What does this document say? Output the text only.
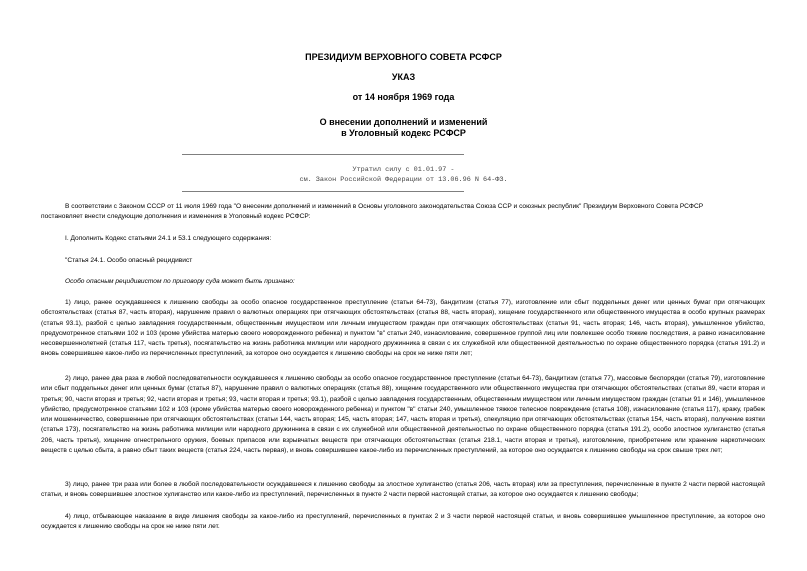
ПРЕЗИДИУМ ВЕРХОВНОГО СОВЕТА РСФСР

УКАЗ

от 14 ноября 1969 года

О внесении дополнений и изменений

в Уголовный кодекс РСФСР

Утратил силу с 01.01.97 -

см. Закон Российской Федерации от 13.06.96 N 64-ФЗ.

В соответствии с Законом СССР от 11 июля 1969 года "О внесении дополнений и изменений в Основы уголовного законодательства Союза ССР и союзных республик" Президиум Верховного Совета РСФСР

постановляет внести следующие дополнения и изменения в Уголовный кодекс РСФСР:

I. Дополнить Кодекс статьями 24.1 и 53.1 следующего содержания:

"Статья 24.1. Особо опасный рецидивист

Особо опасным рецидивистом по приговору суда может быть признано:

1) лицо, ранее осуждавшееся к лишению свободы за особо опасное государственное преступление (статьи 64-73), бандитизм (статья 77), изготовление или сбыт поддельных денег или ценных бумаг при отягчающих обстоятельствах (статья 87, часть вторая), нарушение правил о валютных операциях при отягчающих обстоятельствах (статья 88, часть вторая), хищение государственного или общественного имущества в особо крупных размерах (статья 93.1), разбой с целью завладения государственным, общественным имуществом или личным имуществом граждан при отягчающих обстоятельствах (статьи 91, часть вторая; 146, часть вторая), умышленное убийство, предусмотренное статьями 102 и 103 (кроме убийства матерью своего новорожденного ребенка) и пунктом "в" статьи 240, изнасилование, совершенное группой лиц или повлекшее особо тяжкие последствия, а равно изнасилование несовершеннолетней (статья 117, часть третья), посягательство на жизнь работника милиции или народного дружинника в связи с их служебной или общественной деятельностью по охране общественного порядка (статья 191.2) и вновь совершившее какое-либо из перечисленных преступлений, за которое оно осуждается к лишению свободы на срок не ниже пяти лет;

2) лицо, ранее два раза в любой последовательности осуждавшееся к лишению свободы за особо опасное государственное преступление (статьи 64-73), бандитизм (статья 77), массовые беспорядки (статья 79), изготовление или сбыт поддельных денег или ценных бумаг (статья 87), нарушение правил о валютных операциях (статья 88), хищение государственного или общественного имущества при отягчающих обстоятельствах (статьи 89, части вторая и третья; 90, части вторая и третья; 92, части вторая и третья; 93, части вторая и третья; 93.1), разбой с целью завладения государственным, общественным имуществом или личным имуществом граждан (статьи 91 и 146), умышленное убийство, предусмотренное статьями 102 и 103 (кроме убийства матерью своего новорожденного ребенка) и пунктом "в" статьи 240, умышленное тяжкое телесное повреждение (статья 108), изнасилование (статья 117), кражу, грабеж или мошенничество, совершенные при отягчающих обстоятельствах (статьи 144, часть вторая; 145, часть вторая; 147, часть вторая и третья), спекуляцию при отягчающих обстоятельствах (статья 154, часть вторая), получение взятки (статья 173), посягательство на жизнь работника милиции или народного дружинника в связи с их служебной или общественной деятельностью по охране общественного порядка (статья 191.2), особо злостное хулиганство (статья 206, часть третья), хищение огнестрельного оружия, боевых припасов или взрывчатых веществ при отягчающих обстоятельствах (статья 218.1, части вторая и третья), изготовление, приобретение или хранение наркотических веществ с целью сбыта, а равно сбыт таких веществ (статья 224, часть первая), и вновь совершившее какое-либо из перечисленных преступлений, за которое оно осуждается к лишению свободы на срок свыше трех лет;

3) лицо, ранее три раза или более в любой последовательности осуждавшееся к лишению свободы за злостное хулиганство (статья 206, часть вторая) или за преступления, перечисленные в пункте 2 части первой настоящей статьи, и вновь совершившее злостное хулиганство или какое-либо из преступлений, перечисленных в пункте 2 части первой настоящей статьи, за которое оно осуждается к лишению свободы;

4) лицо, отбывающее наказание в виде лишения свободы за какое-либо из преступлений, перечисленных в пунктах 2 и 3 части первой настоящей статьи, и вновь совершившее умышленное преступление, за которое оно осуждается к лишению свободы на срок не ниже пяти лет.
